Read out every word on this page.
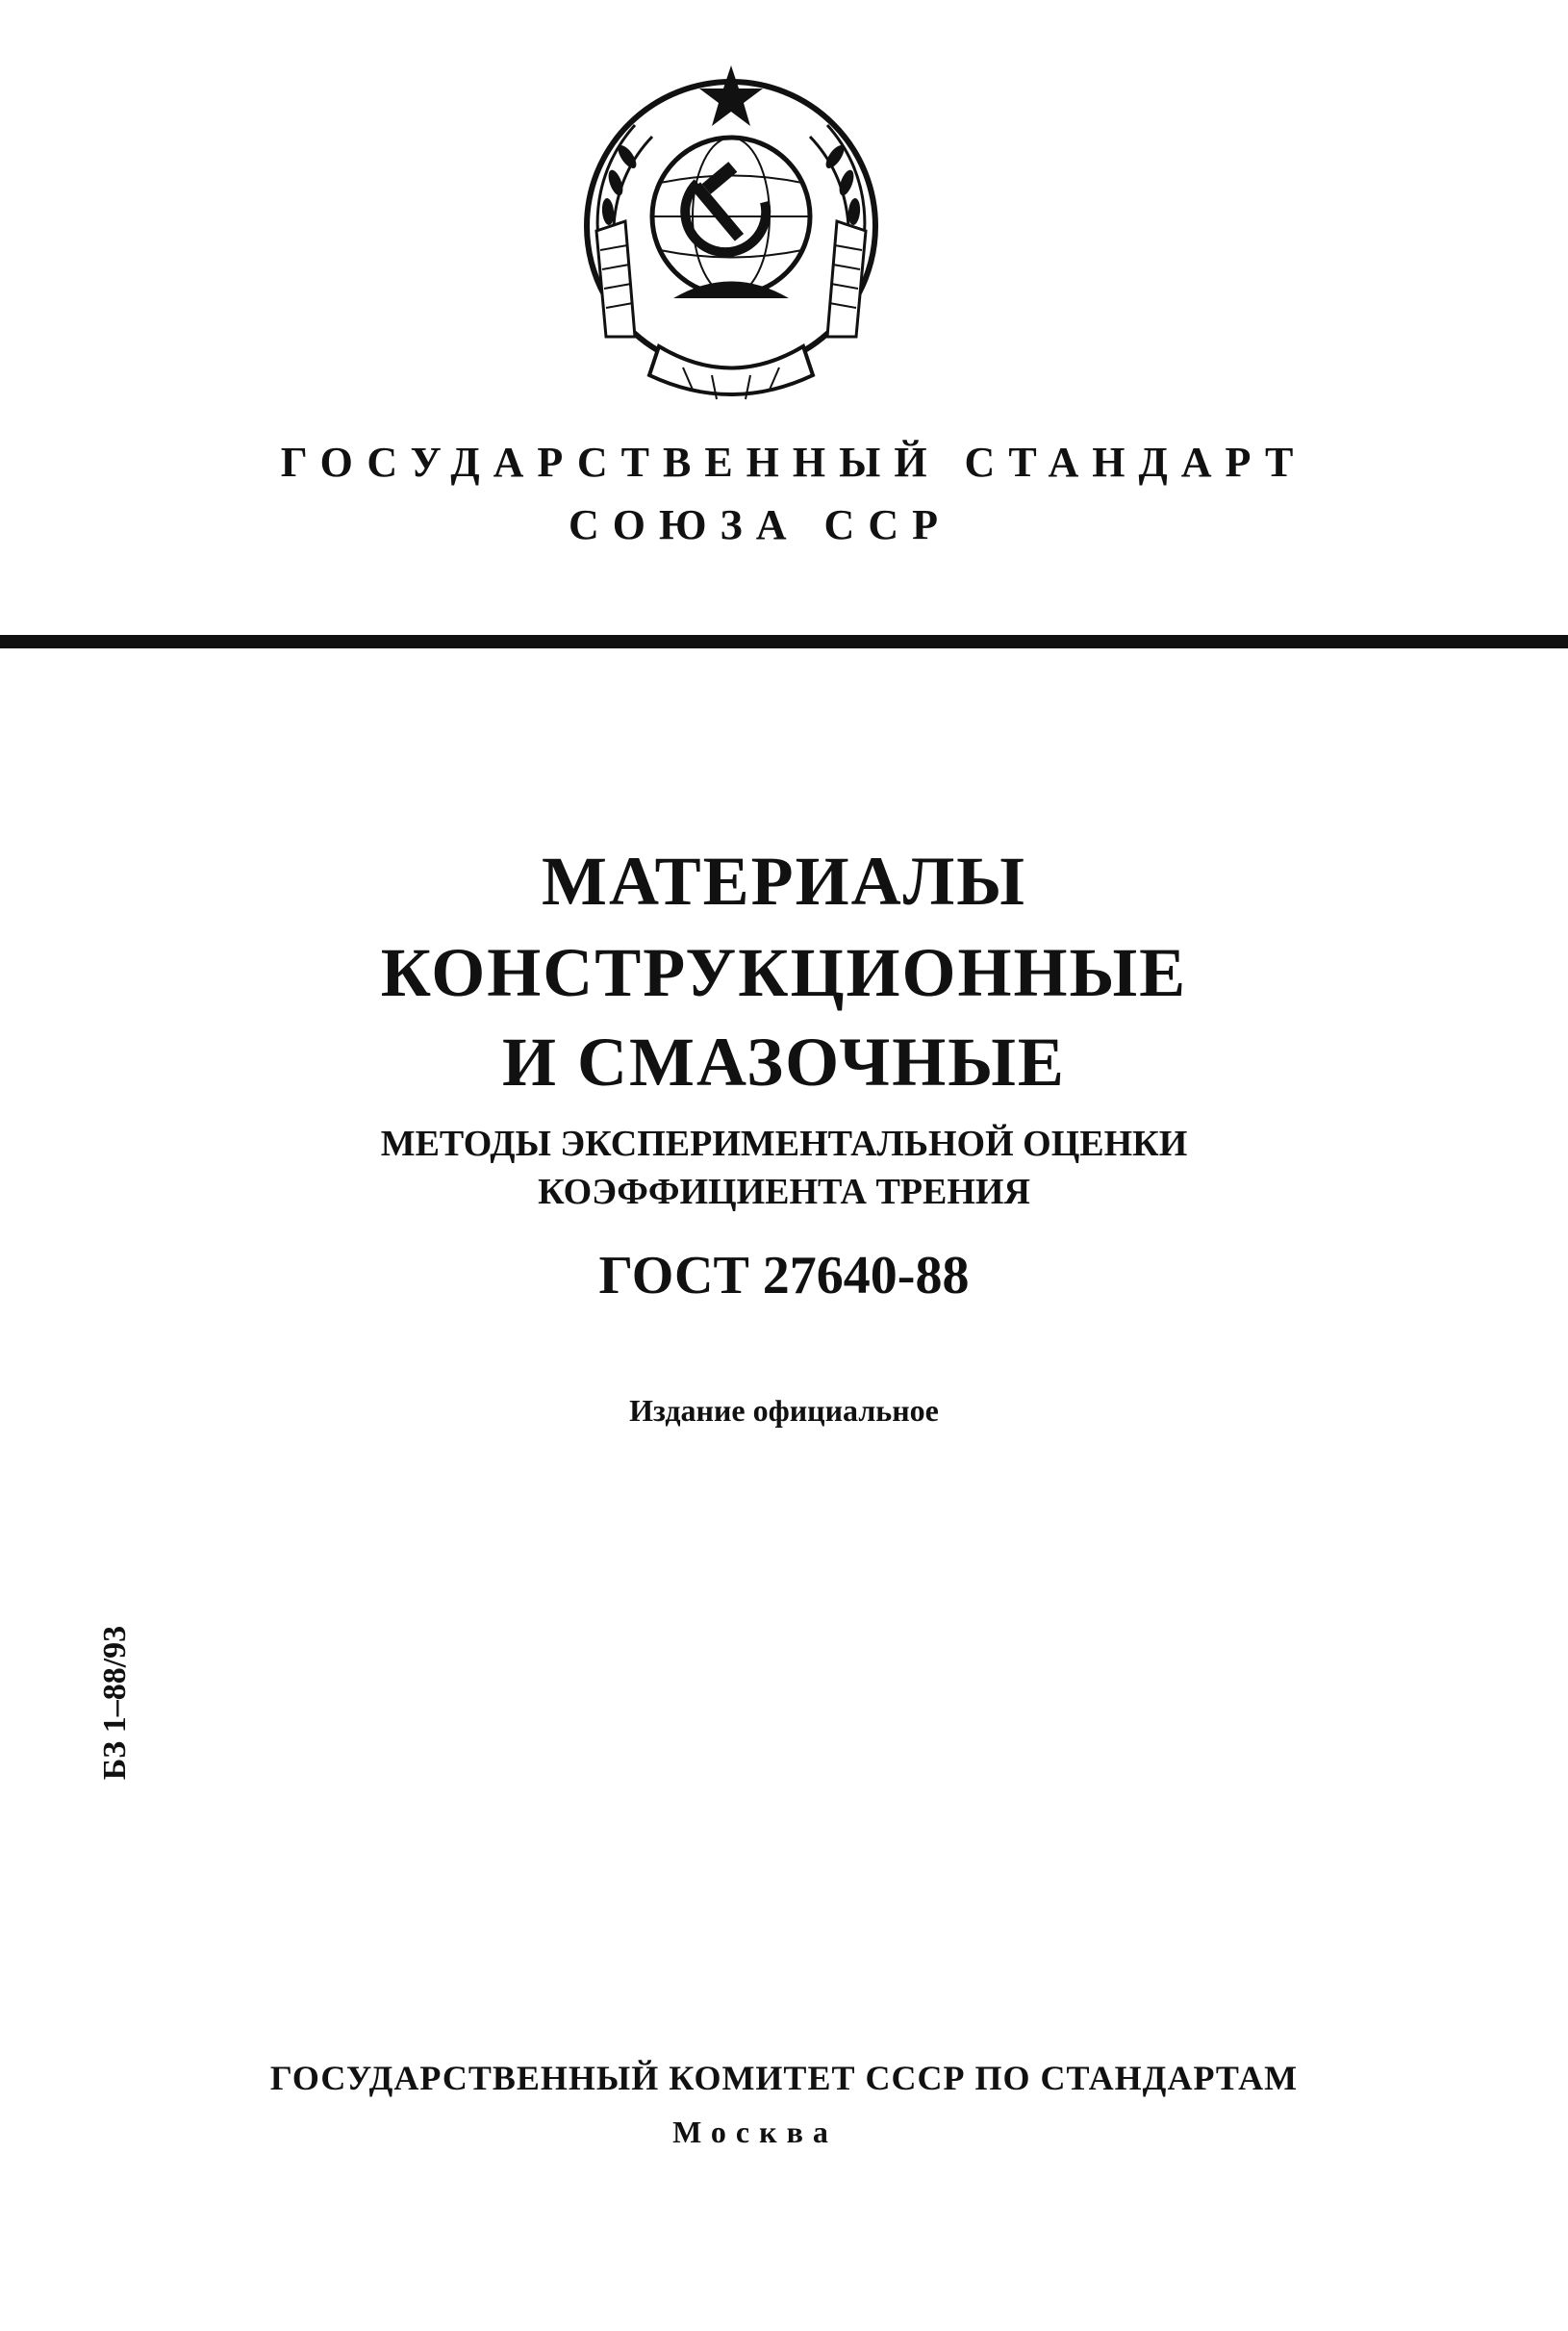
ГОСУДАРСТВЕННЫЙ СТАНДАРТ
СОЮЗА ССР
МАТЕРИАЛЫ
КОНСТРУКЦИОННЫЕ
И СМАЗОЧНЫЕ
МЕТОДЫ ЭКСПЕРИМЕНТАЛЬНОЙ ОЦЕНКИ
КОЭФФИЦИЕНТА ТРЕНИЯ
ГОСТ 27640-88
Издание официальное
БЗ 1–88/93
ГОСУДАРСТВЕННЫЙ КОМИТЕТ СССР ПО СТАНДАРТАМ
Москва
